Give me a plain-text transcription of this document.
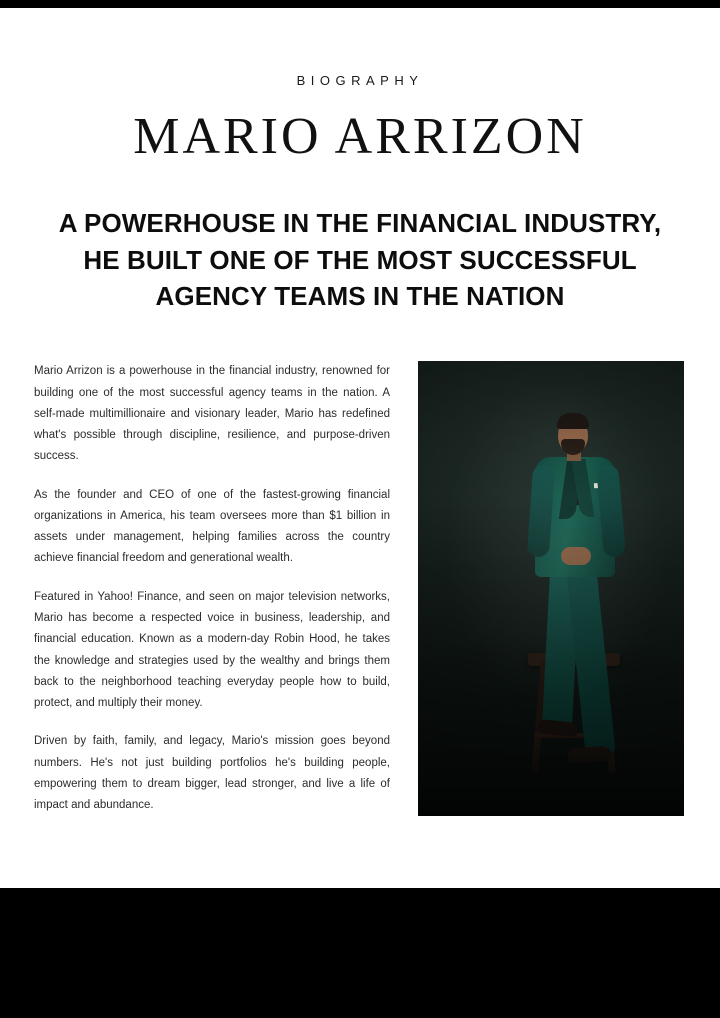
BIOGRAPHY
MARIO ARRIZON
A POWERHOUSE IN THE FINANCIAL INDUSTRY, HE BUILT ONE OF THE MOST SUCCESSFUL AGENCY TEAMS IN THE NATION

Mario Arrizon is a powerhouse in the financial industry, renowned for building one of the most successful agency teams in the nation. A self-made multimillionaire and visionary leader, Mario has redefined what's possible through discipline, resilience, and purpose-driven success.

As the founder and CEO of one of the fastest-growing financial organizations in America, his team oversees more than $1 billion in assets under management, helping families across the country achieve financial freedom and generational wealth.

Featured in Yahoo! Finance, and seen on major television networks, Mario has become a respected voice in business, leadership, and financial education. Known as a modern-day Robin Hood, he takes the knowledge and strategies used by the wealthy and brings them back to the neighborhood teaching everyday people how to build, protect, and multiply their money.

Driven by faith, family, and legacy, Mario's mission goes beyond numbers. He's not just building portfolios he's building people, empowering them to dream bigger, lead stronger, and live a life of impact and abundance.
